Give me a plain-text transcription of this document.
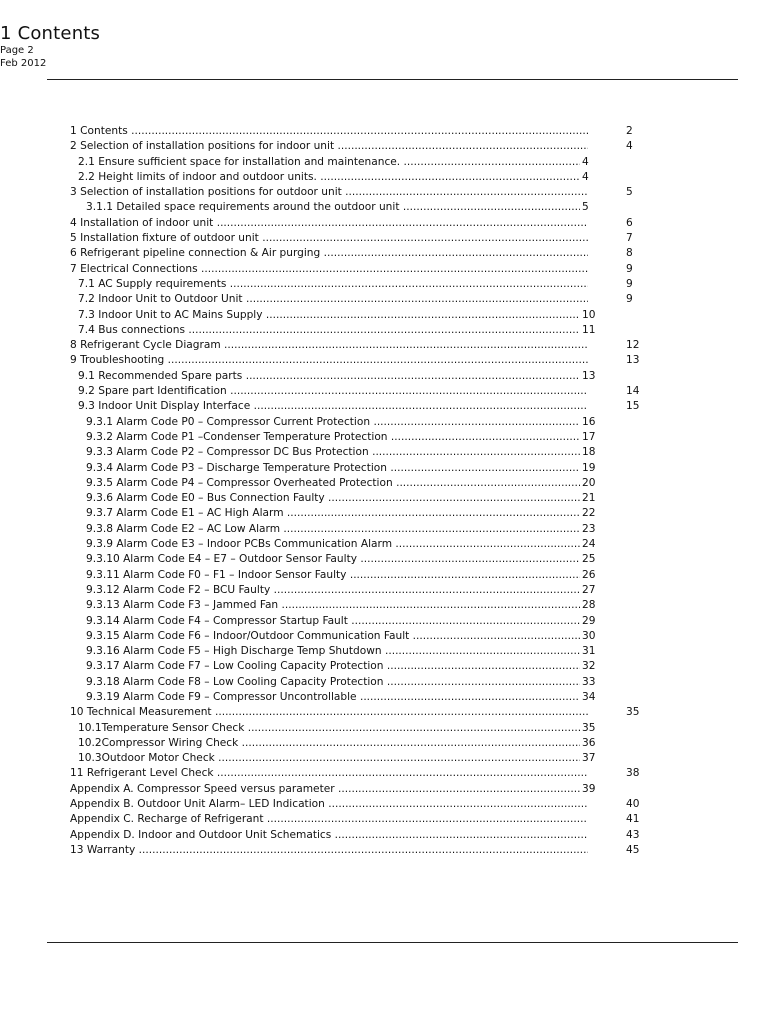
1 Contents
Page 2
Feb 2012
1 Contents .....	2
2 Selection of installation positions for indoor unit .....	4
2.1 Ensure sufficient space for installation and maintenance. .....	4
2.2 Height limits of indoor and outdoor units. .....	4
3 Selection of installation positions for outdoor unit .....	5
3.1.1 Detailed space requirements around the outdoor unit .....	5
4 Installation of indoor unit .....	6
5 Installation fixture of outdoor unit .....	7
6 Refrigerant pipeline connection & Air purging .....	8
7 Electrical Connections .....	9
7.1 AC Supply requirements .....	9
7.2 Indoor Unit to Outdoor Unit .....	9
7.3 Indoor Unit to AC Mains Supply .....	10
7.4 Bus connections .....	11
8 Refrigerant Cycle Diagram .....	12
9 Troubleshooting .....	13
9.1 Recommended Spare parts .....	13
9.2 Spare part Identification .....	14
9.3 Indoor Unit Display Interface .....	15
9.3.1 Alarm Code P0 – Compressor Current Protection .....	16
9.3.2 Alarm Code P1 –Condenser Temperature Protection .....	17
9.3.3 Alarm Code P2 – Compressor DC Bus Protection .....	18
9.3.4 Alarm Code P3 – Discharge Temperature Protection .....	19
9.3.5 Alarm Code P4 – Compressor Overheated Protection .....	20
9.3.6 Alarm Code E0 – Bus Connection Faulty .....	21
9.3.7 Alarm Code E1 – AC High Alarm .....	22
9.3.8 Alarm Code E2 – AC Low Alarm .....	23
9.3.9 Alarm Code E3 – Indoor PCBs Communication Alarm .....	24
9.3.10 Alarm Code E4 – E7 – Outdoor Sensor Faulty .....	25
9.3.11 Alarm Code F0 – F1 – Indoor Sensor Faulty .....	26
9.3.12 Alarm Code F2 – BCU Faulty .....	27
9.3.13 Alarm Code F3 – Jammed Fan .....	28
9.3.14 Alarm Code F4 – Compressor Startup Fault .....	29
9.3.15 Alarm Code F6 – Indoor/Outdoor Communication Fault .....	30
9.3.16 Alarm Code F5 – High Discharge Temp Shutdown .....	31
9.3.17 Alarm Code F7 – Low Cooling Capacity Protection .....	32
9.3.18 Alarm Code F8 – Low Cooling Capacity Protection .....	33
9.3.19 Alarm Code F9 – Compressor Uncontrollable .....	34
10 Technical Measurement .....	35
10.1Temperature Sensor Check .....	35
10.2Compressor Wiring Check .....	36
10.3Outdoor Motor Check .....	37
11 Refrigerant Level Check .....	38
Appendix A. Compressor Speed versus parameter .....	39
Appendix B. Outdoor Unit Alarm– LED Indication .....	40
Appendix C. Recharge of Refrigerant .....	41
Appendix D. Indoor and Outdoor Unit Schematics .....	43
13 Warranty .....	45
